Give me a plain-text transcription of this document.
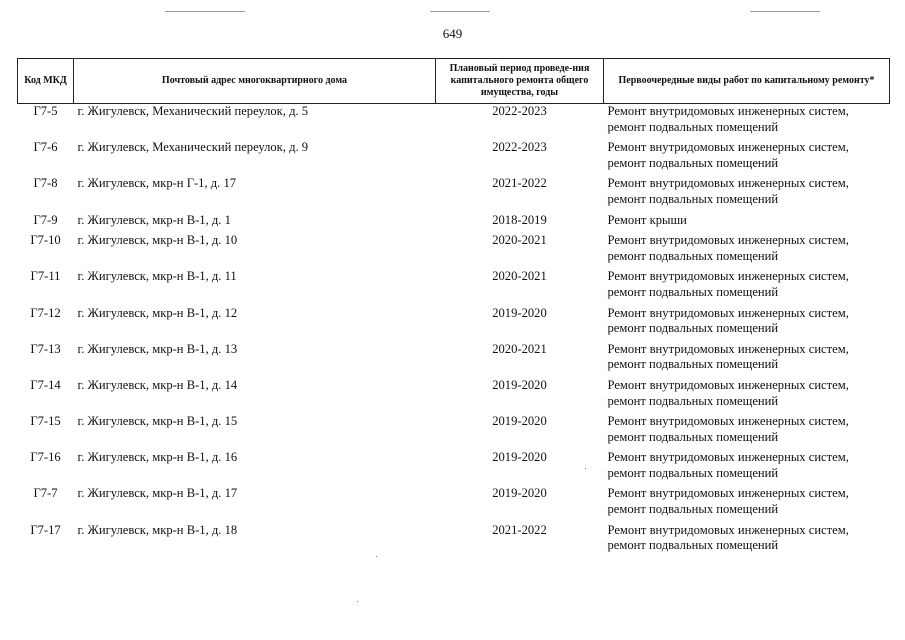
649
Код МКД	Почтовый адрес многоквартирного дома	Плановый период проведе-ния капитального ремонта общего имущества, годы	Первоочередные виды работ по капитальному ремонту*
Г7-5	г. Жигулевск, Механический переулок, д. 5	2022-2023	Ремонт внутридомовых инженерных систем, ремонт подвальных помещений
Г7-6	г. Жигулевск, Механический переулок, д. 9	2022-2023	Ремонт внутридомовых инженерных систем, ремонт подвальных помещений
Г7-8	г. Жигулевск, мкр-н Г-1, д. 17	2021-2022	Ремонт внутридомовых инженерных систем, ремонт подвальных помещений
Г7-9	г. Жигулевск, мкр-н В-1, д. 1	2018-2019	Ремонт крыши
Г7-10	г. Жигулевск, мкр-н В-1, д. 10	2020-2021	Ремонт внутридомовых инженерных систем, ремонт подвальных помещений
Г7-11	г. Жигулевск, мкр-н В-1, д. 11	2020-2021	Ремонт внутридомовых инженерных систем, ремонт подвальных помещений
Г7-12	г. Жигулевск, мкр-н В-1, д. 12	2019-2020	Ремонт внутридомовых инженерных систем, ремонт подвальных помещений
Г7-13	г. Жигулевск, мкр-н В-1, д. 13	2020-2021	Ремонт внутридомовых инженерных систем, ремонт подвальных помещений
Г7-14	г. Жигулевск, мкр-н В-1, д. 14	2019-2020	Ремонт внутридомовых инженерных систем, ремонт подвальных помещений
Г7-15	г. Жигулевск, мкр-н В-1, д. 15	2019-2020	Ремонт внутридомовых инженерных систем, ремонт подвальных помещений
Г7-16	г. Жигулевск, мкр-н В-1, д. 16	2019-2020	Ремонт внутридомовых инженерных систем, ремонт подвальных помещений
Г7-7	г. Жигулевск, мкр-н В-1, д. 17	2019-2020	Ремонт внутридомовых инженерных систем, ремонт подвальных помещений
Г7-17	г. Жигулевск, мкр-н В-1, д. 18	2021-2022	Ремонт внутридомовых инженерных систем, ремонт подвальных помещений
